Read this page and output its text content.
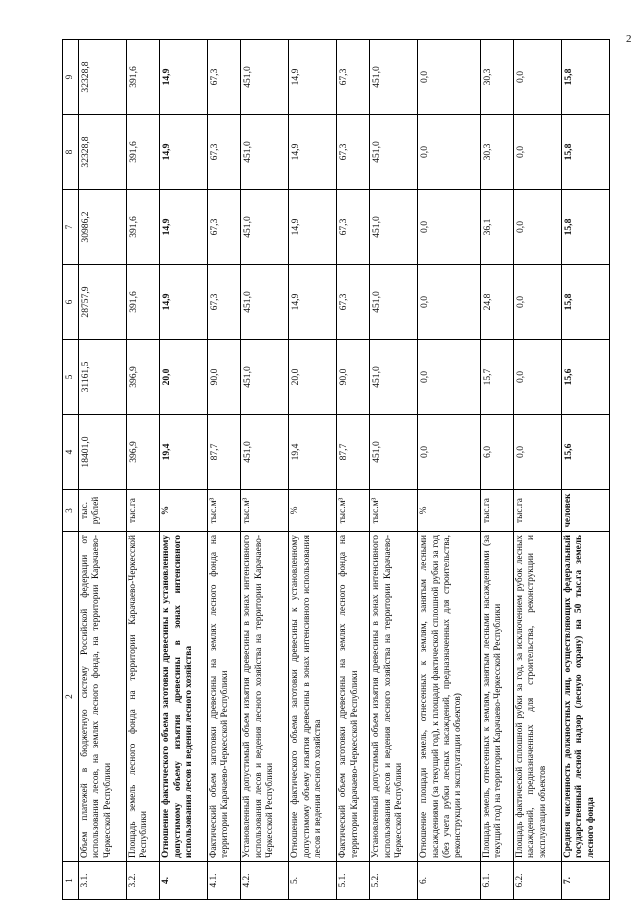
2
1	2	3	4	5	6	7	8	9
3.1.	Объем платежей в бюджетную систему Российской федерации от использования лесов, на землях лесного фонда, на территории Карачаево-Черкесской Республики	тыс. рублей	18401,0	31161,5	28757,9	30986,2	32328,8	32328,8
3.2.	Площадь земель лесного фонда на территории Карачаево-Черкесской Республики	тыс.га	396,9	396,9	391,6	391,6	391,6	391,6
4.	Отношение фактического объема заготовки древесины к установленному допустимому объему изъятия древесины в зонах интенсивного использования лесов и ведения лесного хозяйства	%	19,4	20,0	14,9	14,9	14,9	14,9
4.1.	Фактический объем заготовки древесины на землях лесного фонда на территории Карачаево-Черкесской Республики	тыс.м³	87,7	90,0	67,3	67,3	67,3	67,3
4.2.	Установленный допустимый объем изъятия древесины в зонах интенсивного использования лесов и ведения лесного хозяйства на территории Карачаево-Черкесской Республики	тыс.м³	451,0	451,0	451,0	451,0	451,0	451,0
5.	Отношение фактического объема заготовки древесины к установленному допустимому объему изъятия древесины в зонах интенсивного использования лесов и ведения лесного хозяйства	%	19,4	20,0	14,9	14,9	14,9	14,9
5.1.	Фактический объем заготовки древесины на землях лесного фонда на территории Карачаево-Черкесской Республики	тыс.м³	87,7	90,0	67,3	67,3	67,3	67,3
5.2.	Установленный допустимый объем изъятия древесины в зонах интенсивного использования лесов и ведения лесного хозяйства на территории Карачаево-Черкесской Республики	тыс.м³	451,0	451,0	451,0	451,0	451,0	451,0
6.	Отношение площади земель, отнесенных к землям, занятым лесными насаждениями (за текущий год), к площади фактической сплошной рубки за год (без учета рубки лесных насаждений, предназначенных для строительства, реконструкции и эксплуатации объектов)	%	0,0	0,0	0,0	0,0	0,0	0,0
6.1.	Площадь земель, отнесенных к землям, занятым лесными насаждениями (за текущий год) на территории Карачаево-Черкесской Республики	тыс.га	6,0	15,7	24,8	36,1	30,3	30,3
6.2.	Площадь фактической сплошной рубки за год, за исключением рубок лесных насаждений, предназначенных для строительства, реконструкции и эксплуатации объектов	тыс.га	0,0	0,0	0,0	0,0	0,0	0,0
7.	Средняя численность должностных лиц, осуществляющих федеральный государственный лесной надзор (лесную охрану) на 50 тыс.га земель лесного фонда	человек	15,6	15,6	15,8	15,8	15,8	15,8
